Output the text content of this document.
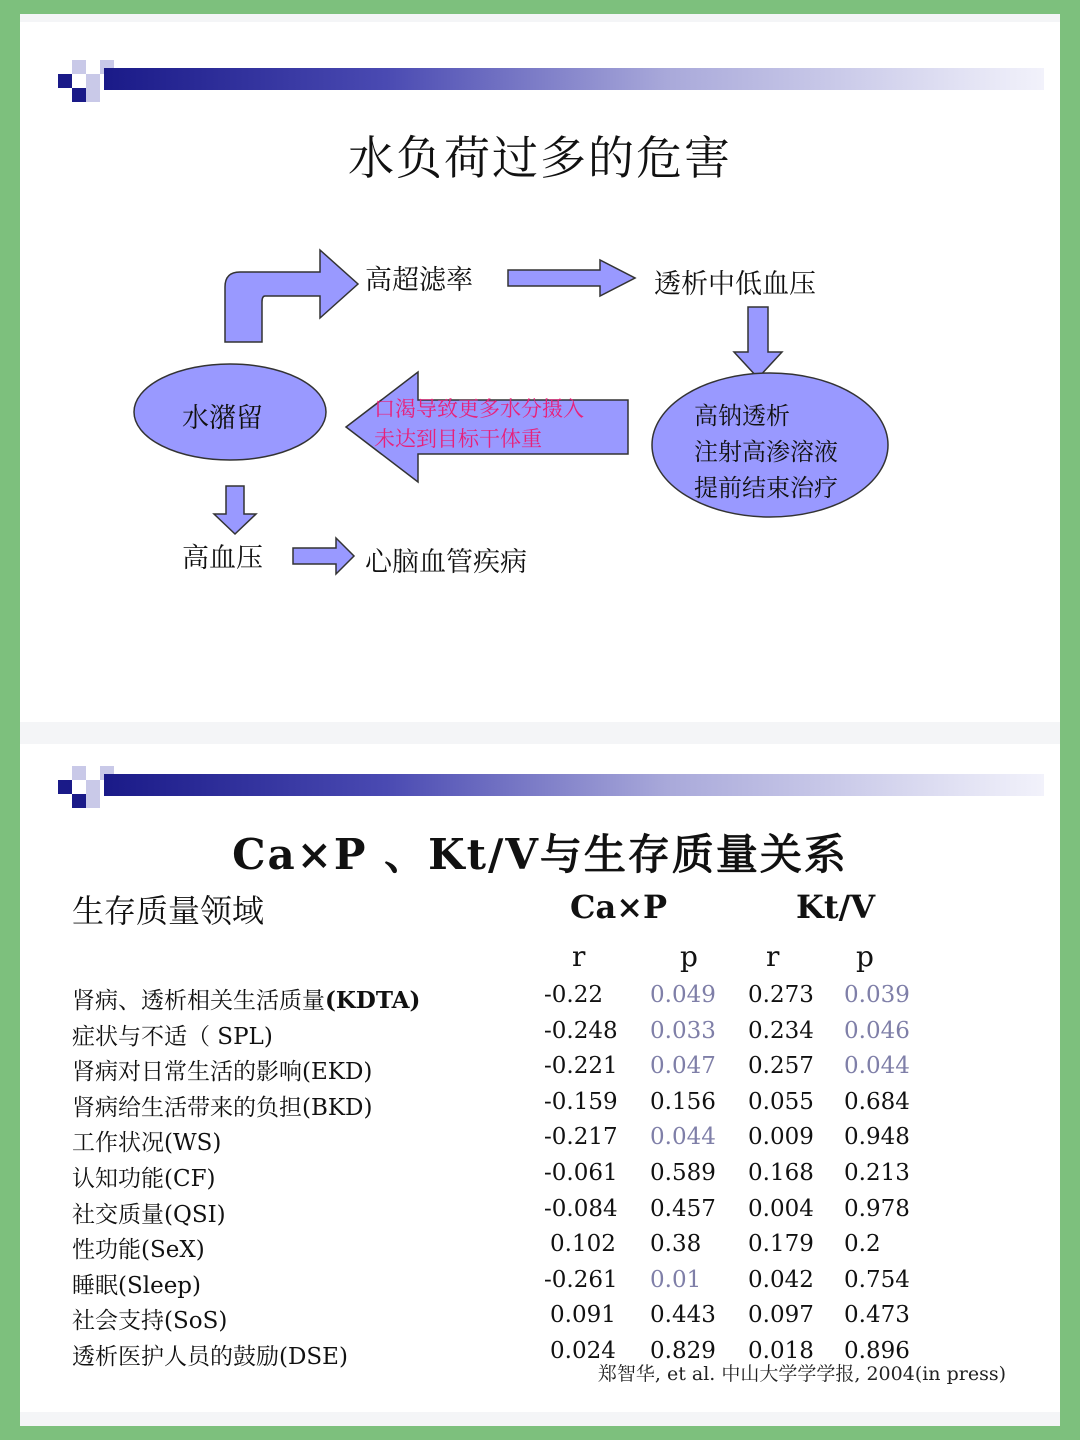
水负荷过多的危害
高超滤率	透析中低血压
水潴留	高钠透析
注射高渗溶液
提前结束治疗
口渴导致更多水分摄入
未达到目标干体重
高血压	心脑血管疾病
Ca×P 、Kt/V与生存质量关系
生存质量领域	Ca×P	Kt/V
r	p r	p
肾病、透析相关生活质量(KDTA)	-0.22 0.049 0.273 0.039
症状与不适（ SPL)	-0.248 0.033 0.234 0.046
肾病对日常生活的影响(EKD)	-0.221 0.047 0.257 0.044
肾病给生活带来的负担(BKD)	-0.159 0.156 0.055 0.684
工作状况(WS)	-0.217 0.044 0.009 0.948
认知功能(CF)	-0.061 0.589 0.168 0.213
社交质量(QSI)	-0.084 0.457 0.004 0.978
性功能(SeX)	0.102 0.38 0.179 0.2
睡眠(Sleep)	-0.261 0.01 0.042 0.754
社会支持(SoS)	0.091 0.443 0.097 0.473
透析医护人员的鼓励(DSE)	0.024 0.829 0.018 0.896
郑智华, et al. 中山大学学学报, 2004(in press)
